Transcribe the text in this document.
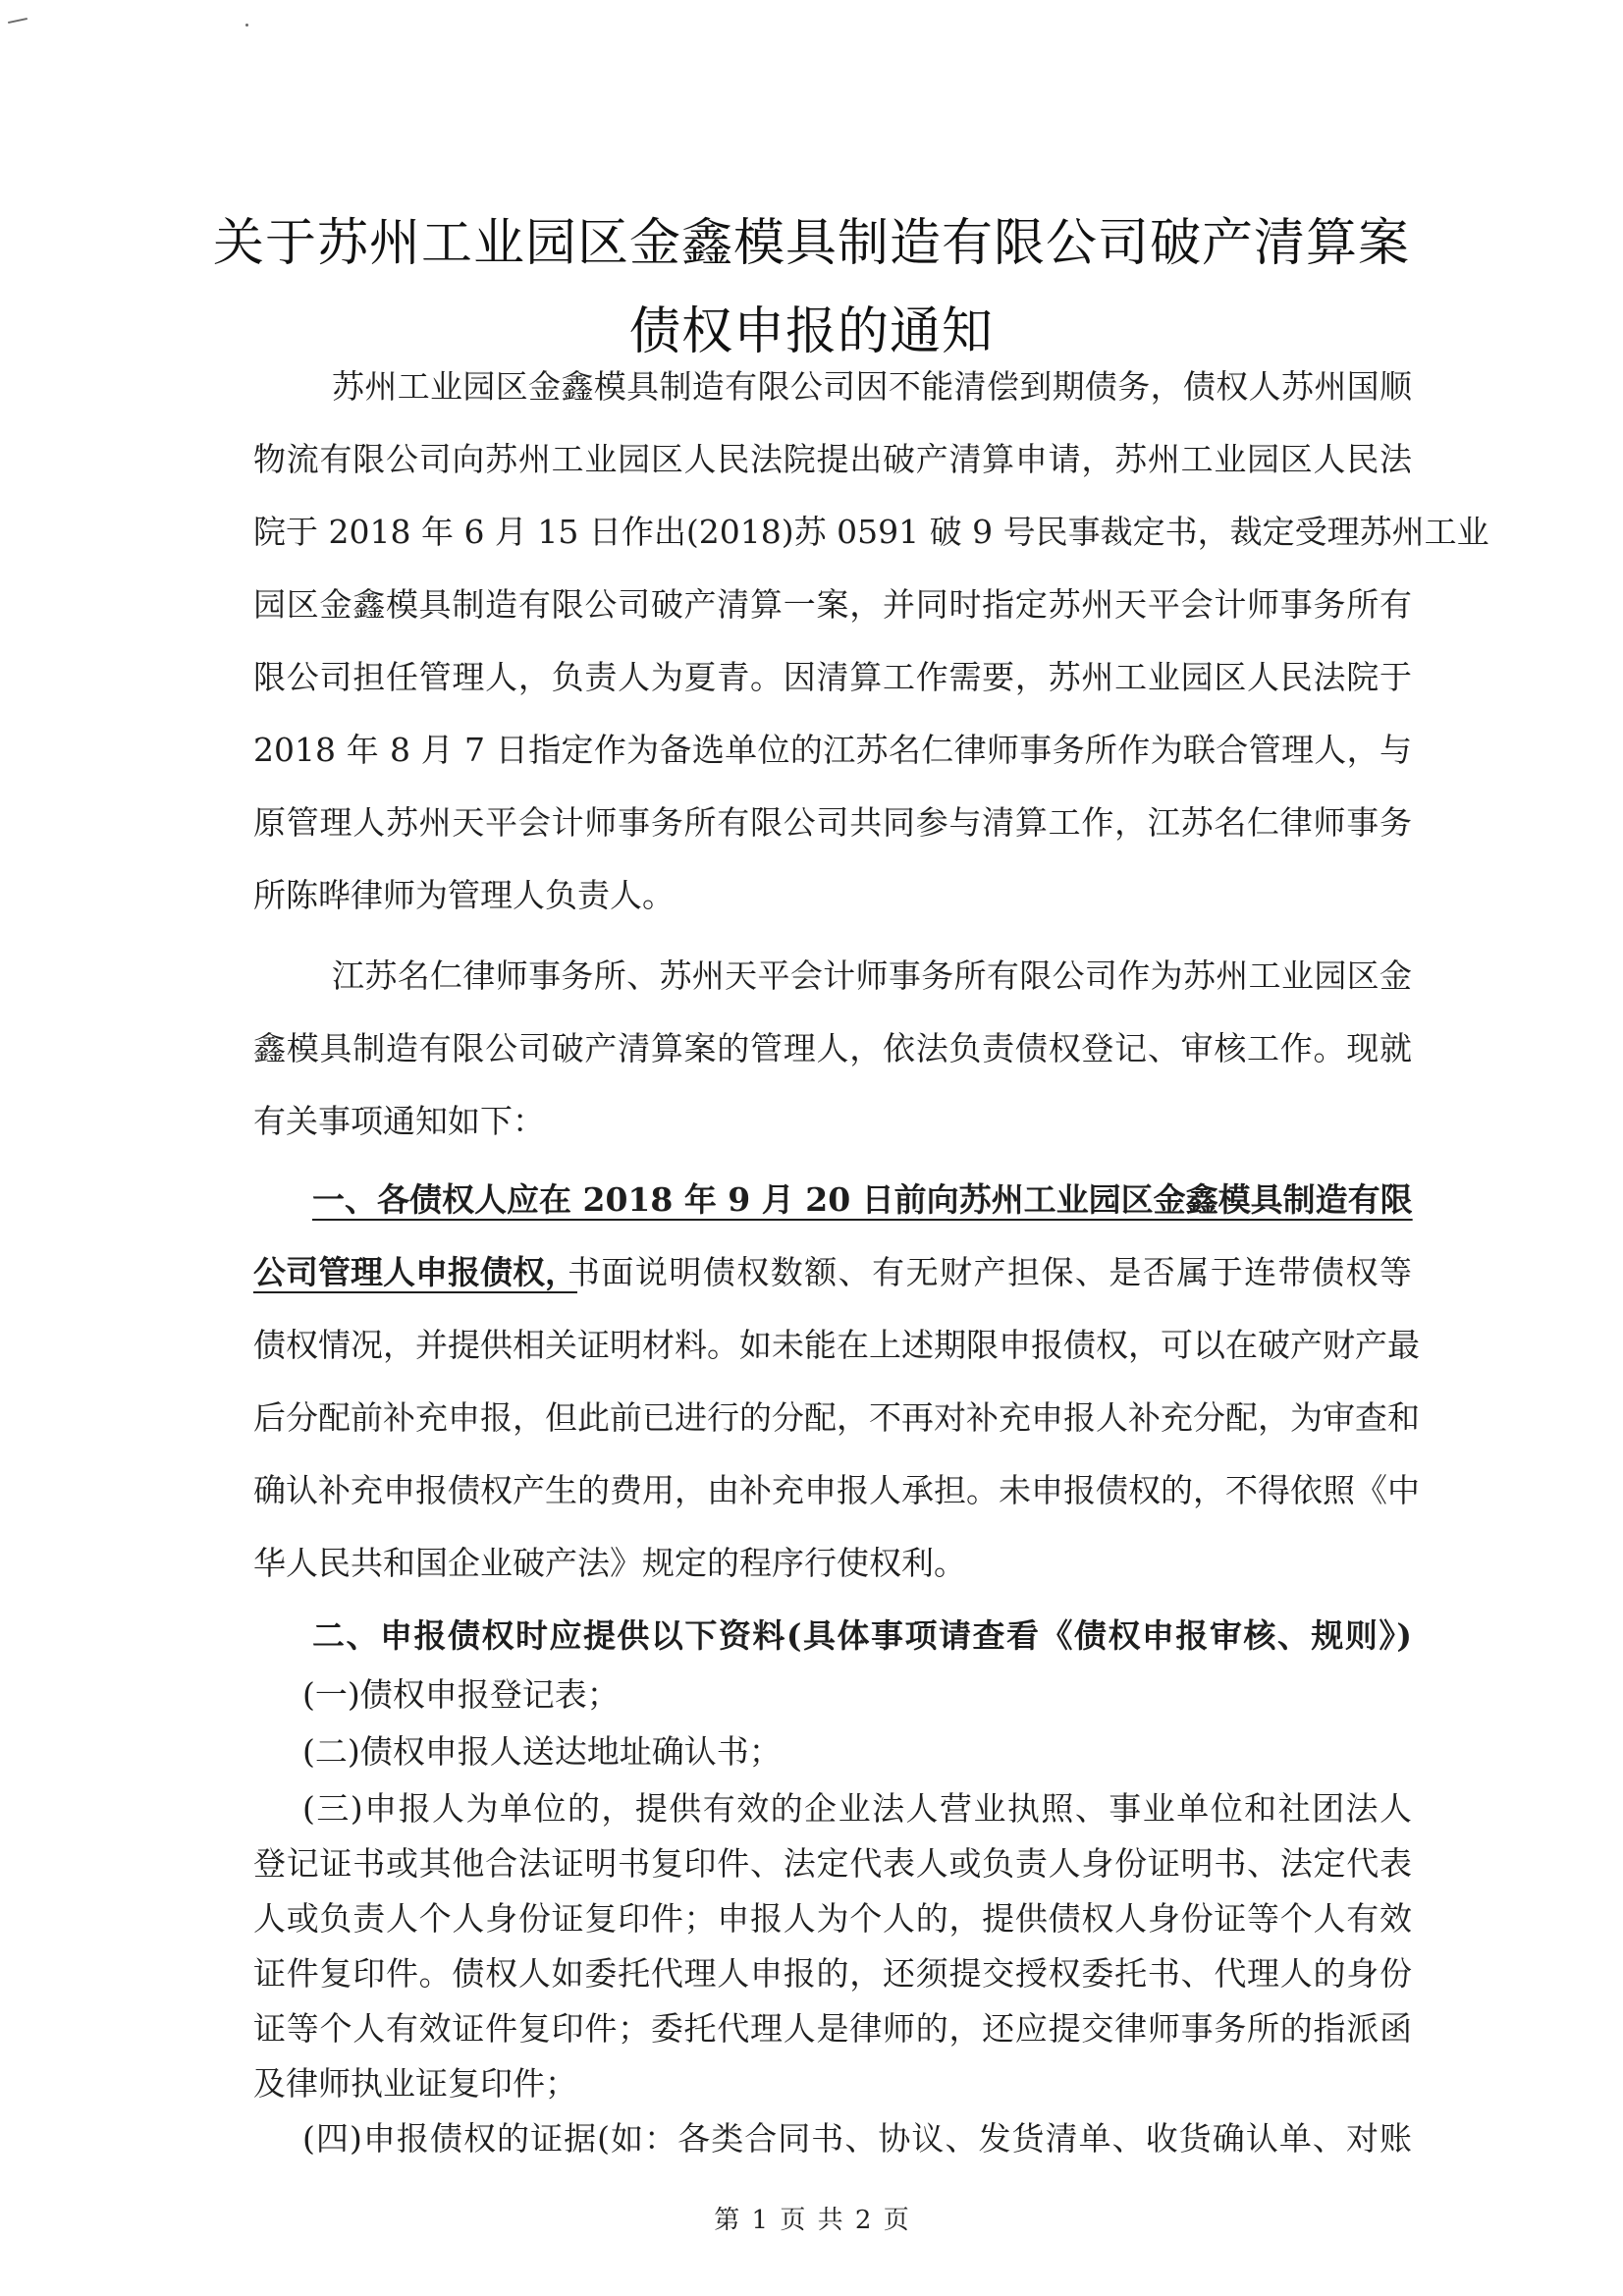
关于苏州工业园区金鑫模具制造有限公司破产清算案
债权申报的通知
苏州工业园区金鑫模具制造有限公司因不能清偿到期债务，债权人苏州国顺
物流有限公司向苏州工业园区人民法院提出破产清算申请，苏州工业园区人民法
院于 2018 年 6 月 15 日作出(2018)苏 0591 破 9 号民事裁定书，裁定受理苏州工业
园区金鑫模具制造有限公司破产清算一案，并同时指定苏州天平会计师事务所有
限公司担任管理人，负责人为夏青。因清算工作需要，苏州工业园区人民法院于
2018 年 8 月 7 日指定作为备选单位的江苏名仁律师事务所作为联合管理人，与
原管理人苏州天平会计师事务所有限公司共同参与清算工作，江苏名仁律师事务
所陈晔律师为管理人负责人。
江苏名仁律师事务所、苏州天平会计师事务所有限公司作为苏州工业园区金
鑫模具制造有限公司破产清算案的管理人，依法负责债权登记、审核工作。现就
有关事项通知如下：
一、各债权人应在 2018 年 9 月 20 日前向苏州工业园区金鑫模具制造有限
公司管理人申报债权，
书面说明债权数额、有无财产担保、是否属于连带债权等
债权情况，并提供相关证明材料。如未能在上述期限申报债权，可以在破产财产最
后分配前补充申报，但此前已进行的分配，不再对补充申报人补充分配，为审查和
确认补充申报债权产生的费用，由补充申报人承担。未申报债权的，不得依照《中
华人民共和国企业破产法》规定的程序行使权利。
第 1 页 共 2 页
二、申报债权时应提供以下资料(具体事项请查看《债权申报审核、规则》)
(一)债权申报登记表；
(二)债权申报人送达地址确认书；
(三)申报人为单位的，提供有效的企业法人营业执照、事业单位和社团法人
登记证书或其他合法证明书复印件、法定代表人或负责人身份证明书、法定代表
人或负责人个人身份证复印件；申报人为个人的，提供债权人身份证等个人有效
证件复印件。债权人如委托代理人申报的，还须提交授权委托书、代理人的身份
证等个人有效证件复印件；委托代理人是律师的，还应提交律师事务所的指派函
及律师执业证复印件；
(四)申报债权的证据(如：各类合同书、协议、发货清单、收货确认单、对账
